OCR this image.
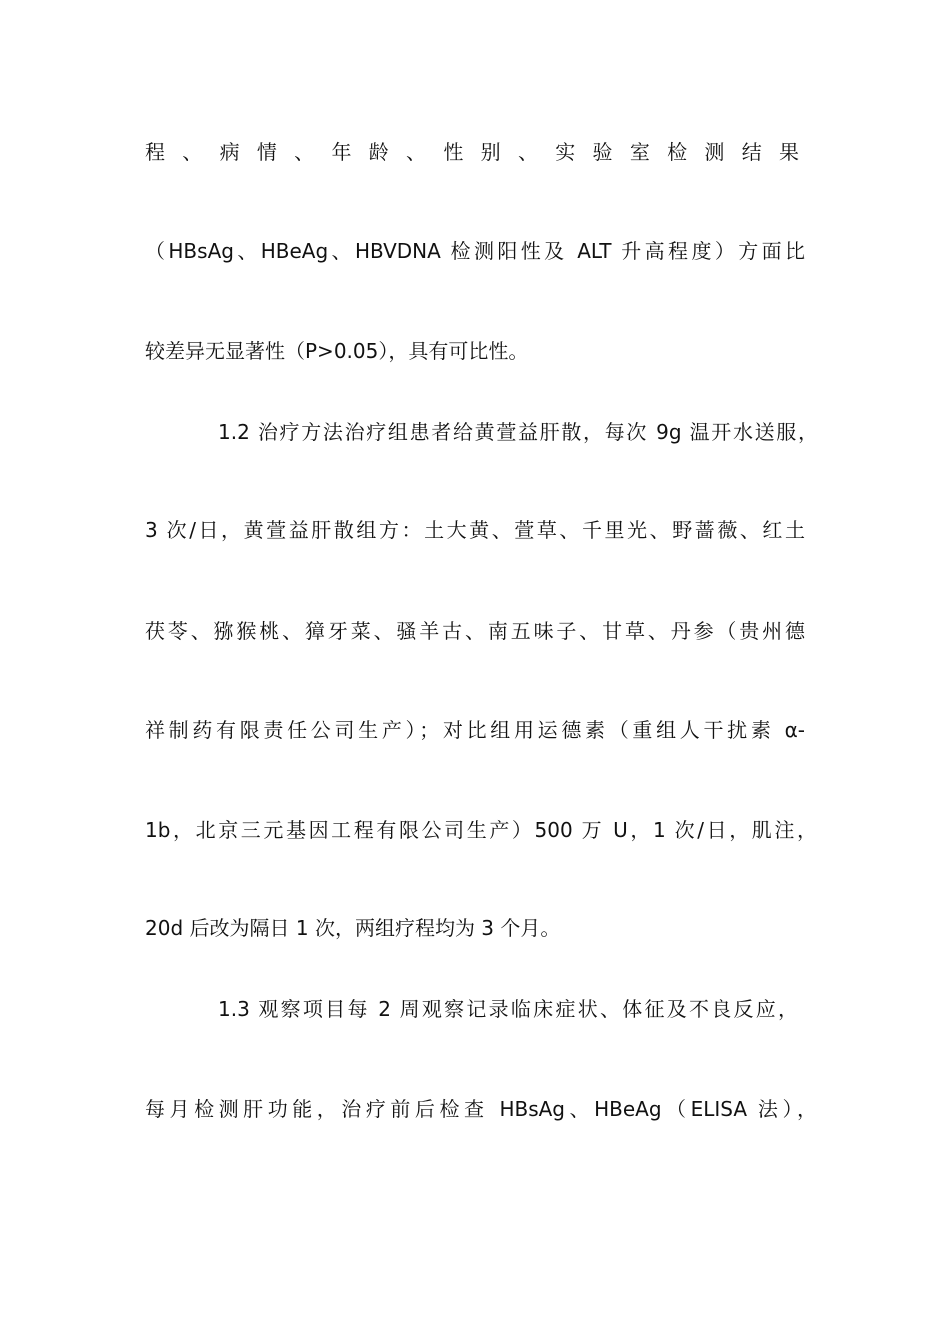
程、病情、年龄、性别、实验室检测结果
（HBsAg、HBeAg、HBVDNA 检测阳性及 ALT 升高程度）方面比
较差异无显著性（P>0.05），具有可比性。
1.2 治疗方法治疗组患者给黄萱益肝散，每次 9g 温开水送服，
3 次/日，黄萱益肝散组方：土大黄、萱草、千里光、野蔷薇、红土
茯苓、猕猴桃、獐牙菜、骚羊古、南五味子、甘草、丹参（贵州德
祥制药有限责任公司生产）；对比组用运德素（重组人干扰素 α-
1b，北京三元基因工程有限公司生产）500 万 U，1 次/日，肌注，
20d 后改为隔日 1 次，两组疗程均为 3 个月。
1.3 观察项目每 2 周观察记录临床症状、体征及不良反应，
每月检测肝功能，治疗前后检查 HBsAg、HBeAg（ELISA 法），
